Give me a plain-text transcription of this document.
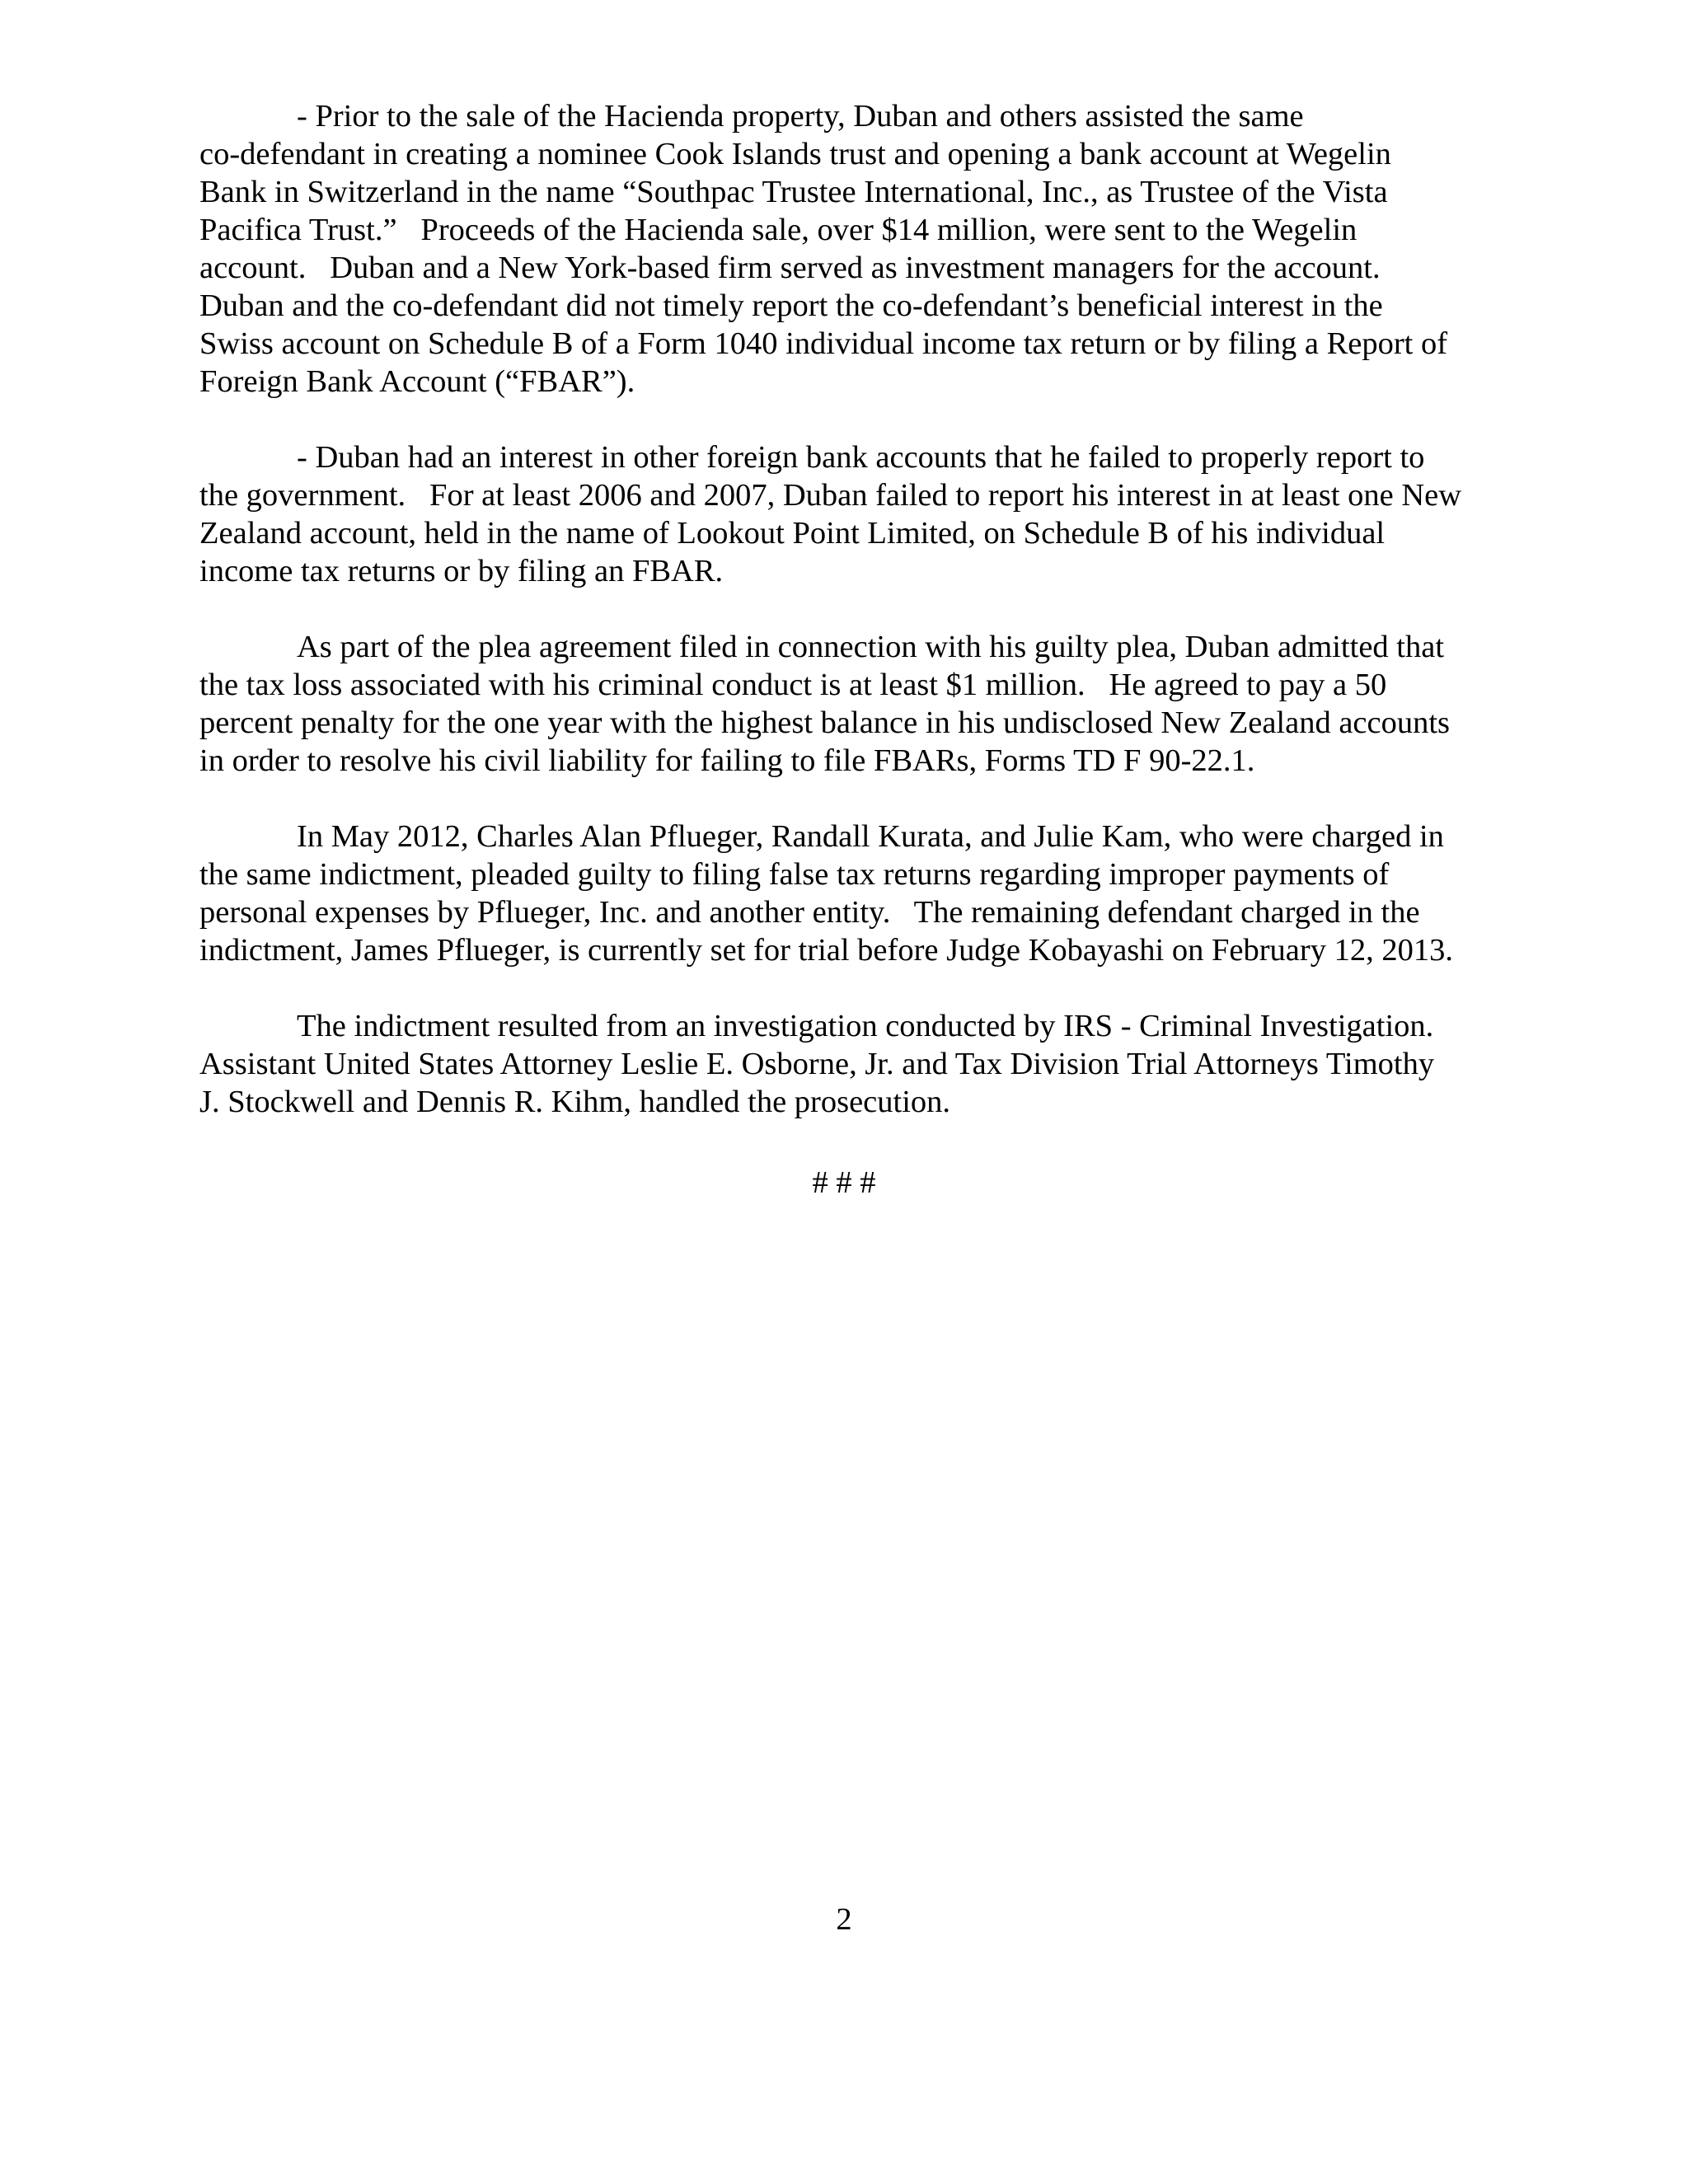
- Prior to the sale of the Hacienda property, Duban and others assisted the same
co-defendant in creating a nominee Cook Islands trust and opening a bank account at Wegelin
Bank in Switzerland in the name “Southpac Trustee International, Inc., as Trustee of the Vista
Pacifica Trust.”  Proceeds of the Hacienda sale, over $14 million, were sent to the Wegelin
account.  Duban and a New York-based firm served as investment managers for the account.
Duban and the co-defendant did not timely report the co-defendant’s beneficial interest in the
Swiss account on Schedule B of a Form 1040 individual income tax return or by filing a Report of
Foreign Bank Account (“FBAR”).

- Duban had an interest in other foreign bank accounts that he failed to properly report to
the government.  For at least 2006 and 2007, Duban failed to report his interest in at least one New
Zealand account, held in the name of Lookout Point Limited, on Schedule B of his individual
income tax returns or by filing an FBAR.

As part of the plea agreement filed in connection with his guilty plea, Duban admitted that
the tax loss associated with his criminal conduct is at least $1 million.  He agreed to pay a 50
percent penalty for the one year with the highest balance in his undisclosed New Zealand accounts
in order to resolve his civil liability for failing to file FBARs, Forms TD F 90-22.1.

In May 2012, Charles Alan Pflueger, Randall Kurata, and Julie Kam, who were charged in
the same indictment, pleaded guilty to filing false tax returns regarding improper payments of
personal expenses by Pflueger, Inc. and another entity.  The remaining defendant charged in the
indictment, James Pflueger, is currently set for trial before Judge Kobayashi on February 12, 2013.

The indictment resulted from an investigation conducted by IRS - Criminal Investigation.
Assistant United States Attorney Leslie E. Osborne, Jr. and Tax Division Trial Attorneys Timothy
J. Stockwell and Dennis R. Kihm, handled the prosecution.

# # #
2
